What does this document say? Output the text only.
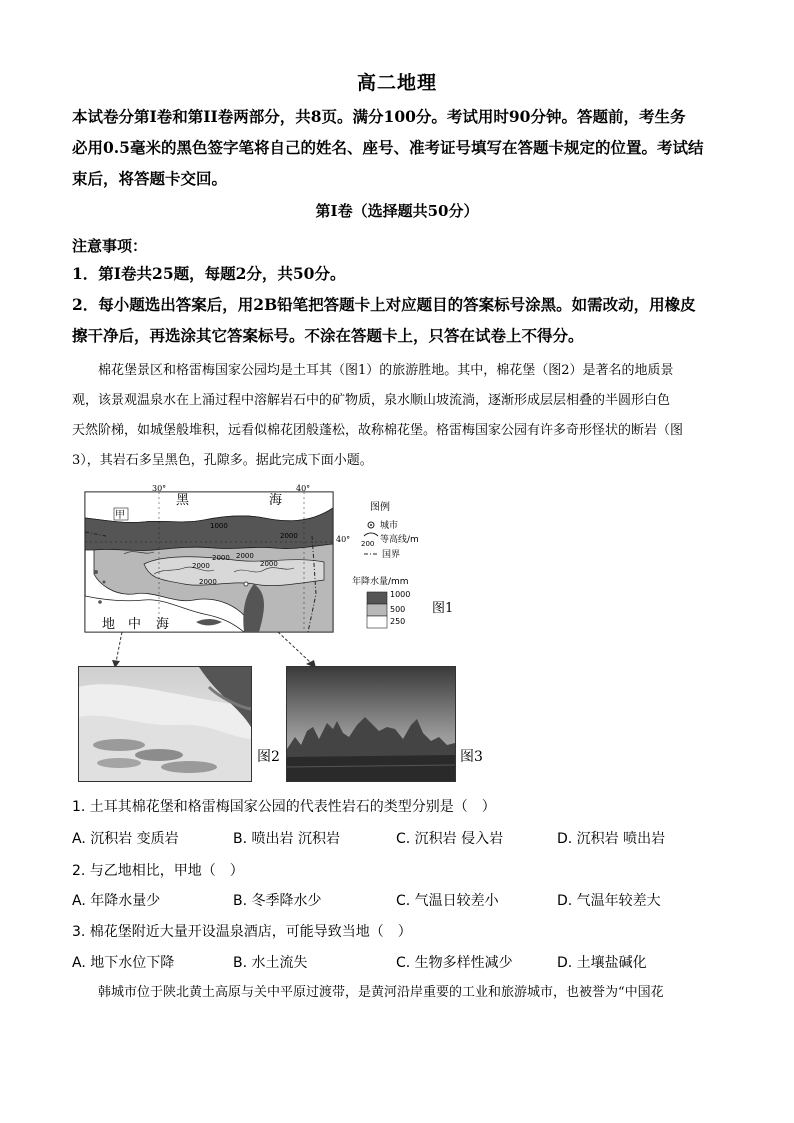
高二地理
本试卷分第I卷和第II卷两部分，共8页。满分100分。考试用时90分钟。答题前，考生务
必用0.5毫米的黑色签字笔将自己的姓名、座号、准考证号填写在答题卡规定的位置。考试结
束后，将答题卡交回。
第I卷（选择题共50分）
注意事项：
1．第I卷共25题，每题2分，共50分。
2．每小题选出答案后，用2B铅笔把答题卡上对应题目的答案标号涂黑。如需改动，用橡皮
擦干净后，再选涂其它答案标号。不涂在答题卡上，只答在试卷上不得分。
棉花堡景区和格雷梅国家公园均是土耳其（图1）的旅游胜地。其中，棉花堡（图2）是著名的地质景
观，该景观温泉水在上涌过程中溶解岩石中的矿物质，泉水顺山坡流淌，逐渐形成层层相叠的半圆形白色
天然阶梯，如城堡般堆积，远看似棉花团般蓬松，故称棉花堡。格雷梅国家公园有许多奇形怪状的断岩（图
3），其岩石多呈黑色，孔隙多。据此完成下面小题。
30°	40°
40°
黑	海
地 中 海
甲
1000
2000
2000
2000 2000
2000
2000
图例
城市
200 等高线/m
国界
年降水量/mm
1000
500
250
图1
图2	图3
1. 土耳其棉花堡和格雷梅国家公园的代表性岩石的类型分别是（　）
A. 沉积岩 变质岩	B. 喷出岩 沉积岩	C. 沉积岩 侵入岩	D. 沉积岩 喷出岩
2. 与乙地相比，甲地（　）
A. 年降水量少	B. 冬季降水少	C. 气温日较差小	D. 气温年较差大
3. 棉花堡附近大量开设温泉酒店，可能导致当地（　）
A. 地下水位下降	B. 水土流失	C. 生物多样性减少	D. 土壤盐碱化
韩城市位于陕北黄土高原与关中平原过渡带，是黄河沿岸重要的工业和旅游城市，也被誉为“中国花
